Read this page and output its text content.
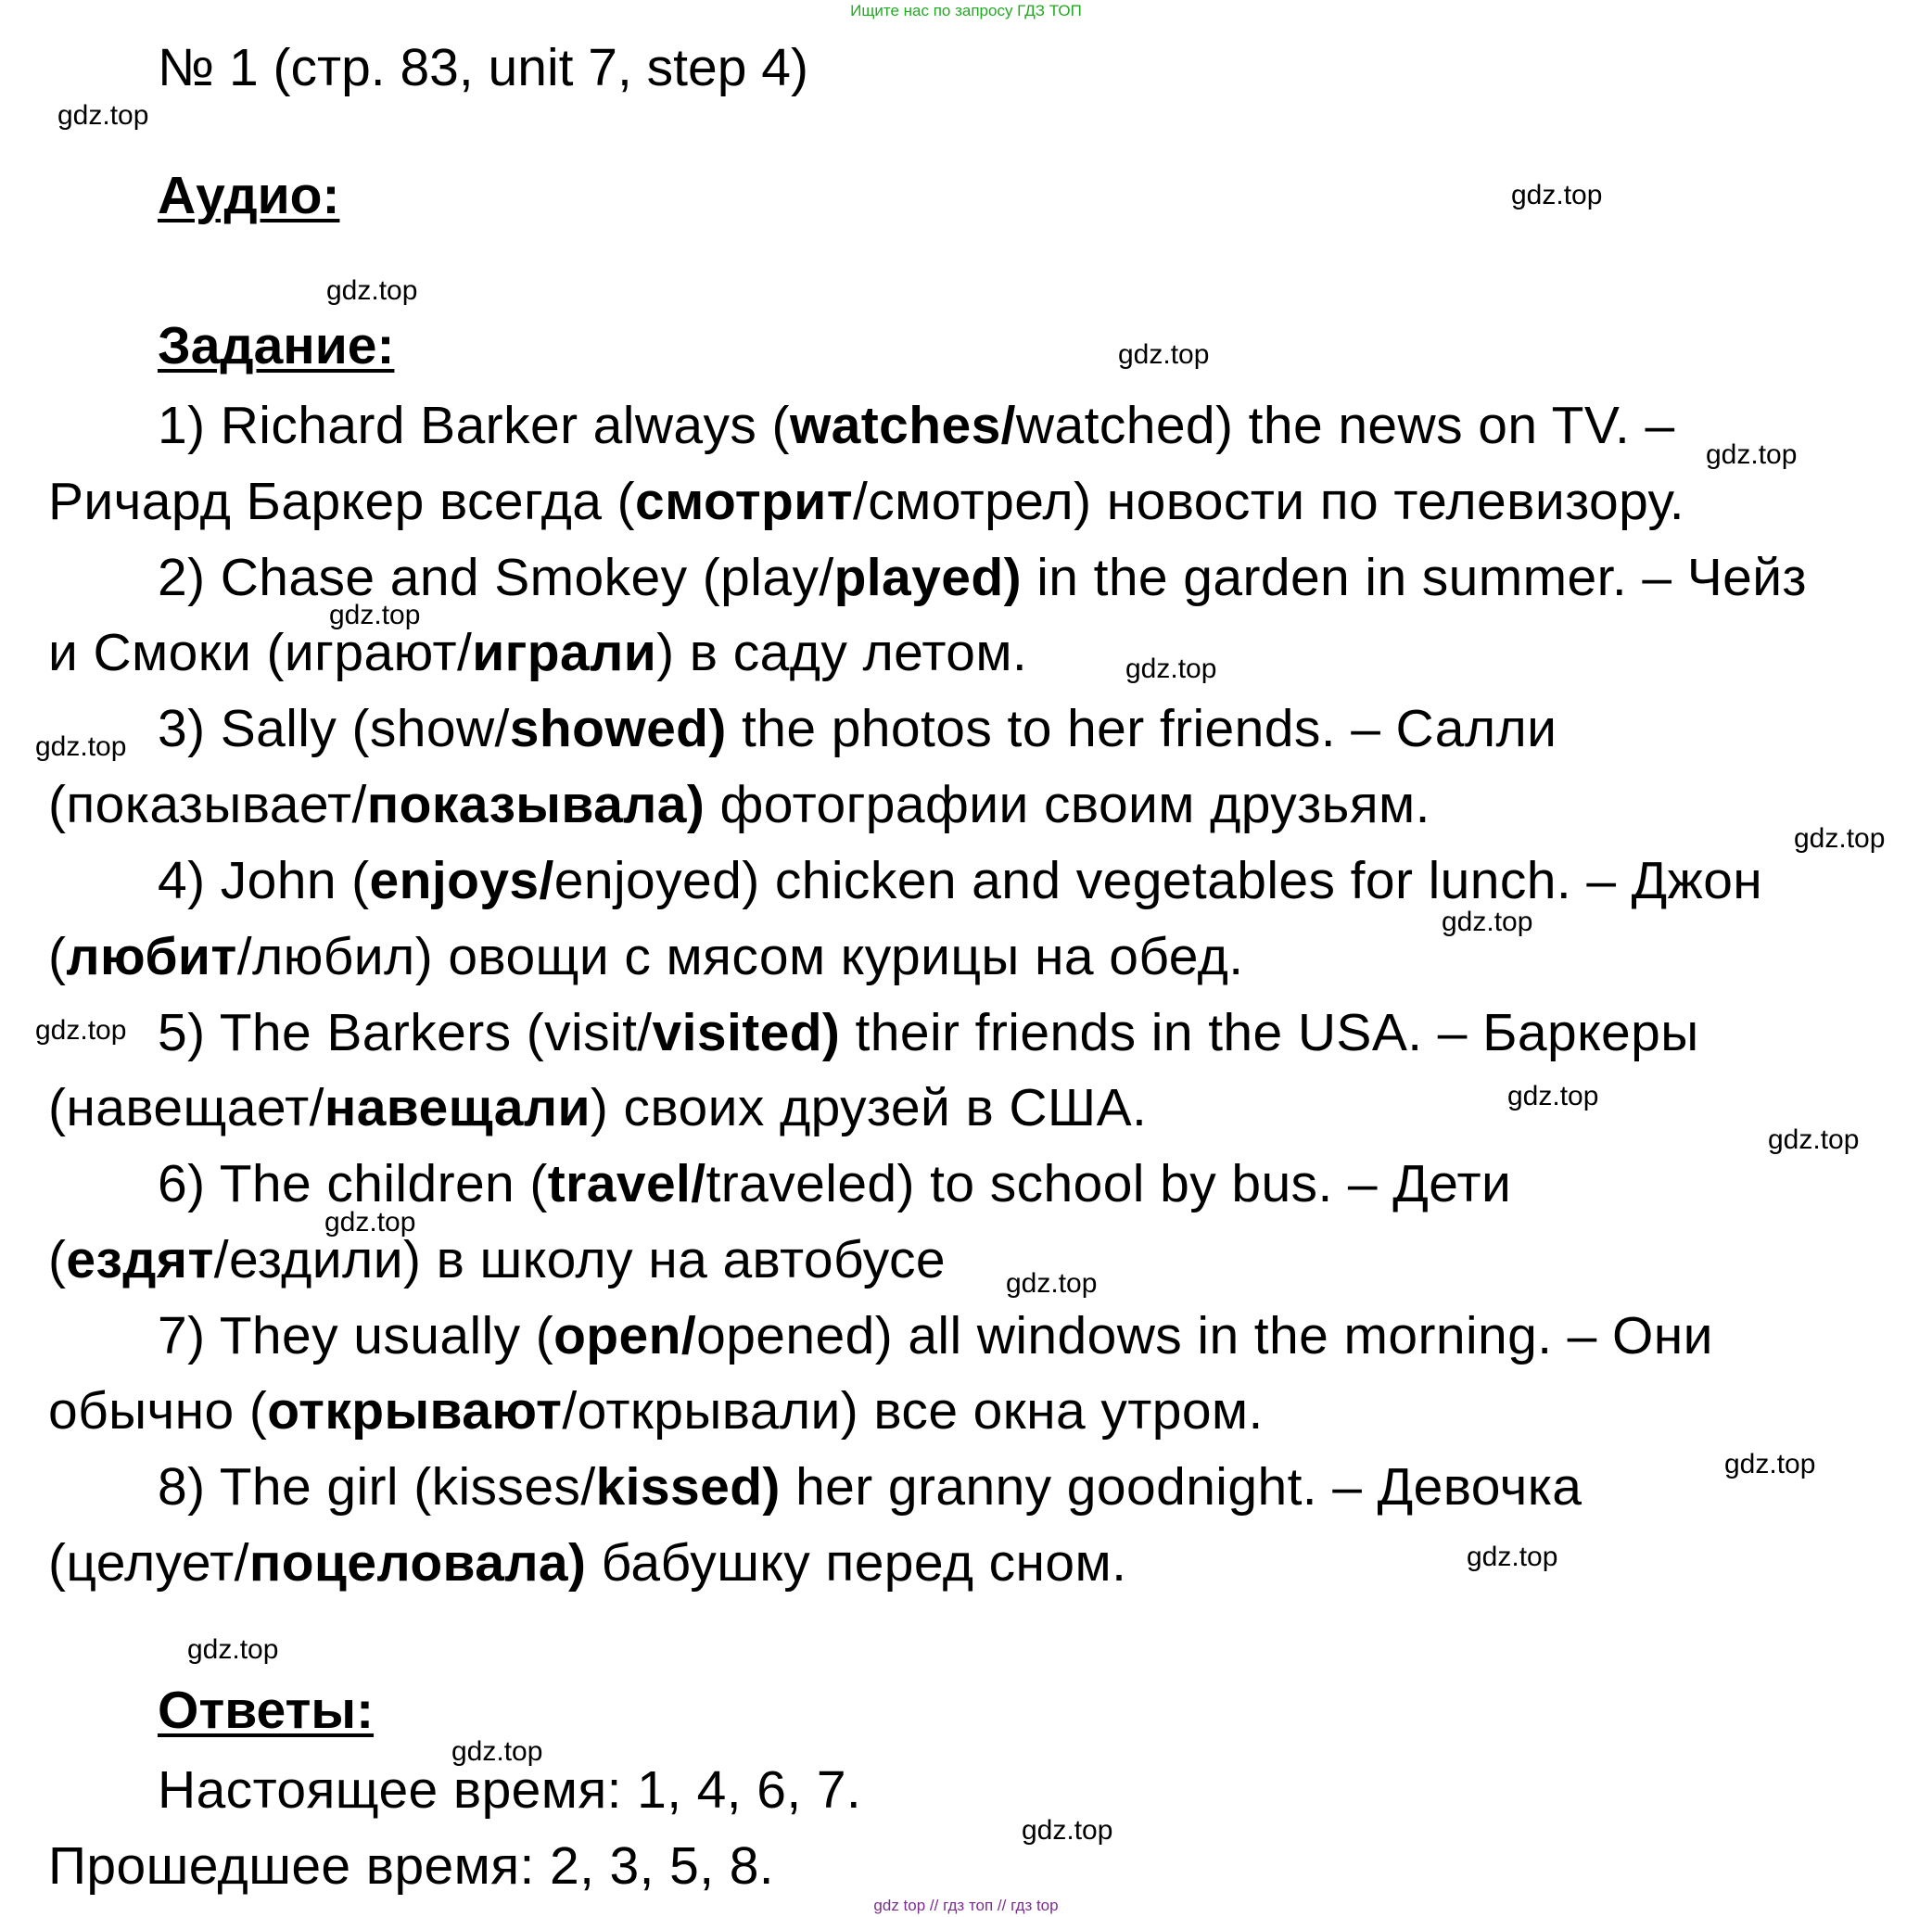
Ищите нас по запросу ГДЗ ТОП
№ 1 (стр. 83, unit 7, step 4)
Аудио:
Задание:
1) Richard Barker always (watches/watched) the news on TV. –
Ричард Баркер всегда (смотрит/смотрел) новости по телевизору.
2) Chase and Smokey (play/played) in the garden in summer. – Чейз
и Смоки (играют/играли) в саду летом.
3) Sally (show/showed) the photos to her friends. – Салли
(показывает/показывала) фотографии своим друзьям.
4) John (enjoys/enjoyed) chicken and vegetables for lunch. – Джон
(любит/любил) овощи с мясом курицы на обед.
5) The Barkers (visit/visited) their friends in the USA. – Баркеры
(навещает/навещали) своих друзей в США.
6) The children (travel/traveled) to school by bus. – Дети
(ездят/ездили) в школу на автобусе
7) They usually (open/opened) all windows in the morning. – Они
обычно (открывают/открывали) все окна утром.
8) The girl (kisses/kissed) her granny goodnight. – Девочка
(целует/поцеловала) бабушку перед сном.
Ответы:
Настоящее время: 1, 4, 6, 7.
Прошедшее время: 2, 3, 5, 8.
gdz.top
gdz.top
gdz.top
gdz.top
gdz.top
gdz.top
gdz.top
gdz.top
gdz.top
gdz.top
gdz.top
gdz.top
gdz.top
gdz.top
gdz.top
gdz.top
gdz.top
gdz.top
gdz.top
gdz.top
gdz top // гдз топ // гдз top
